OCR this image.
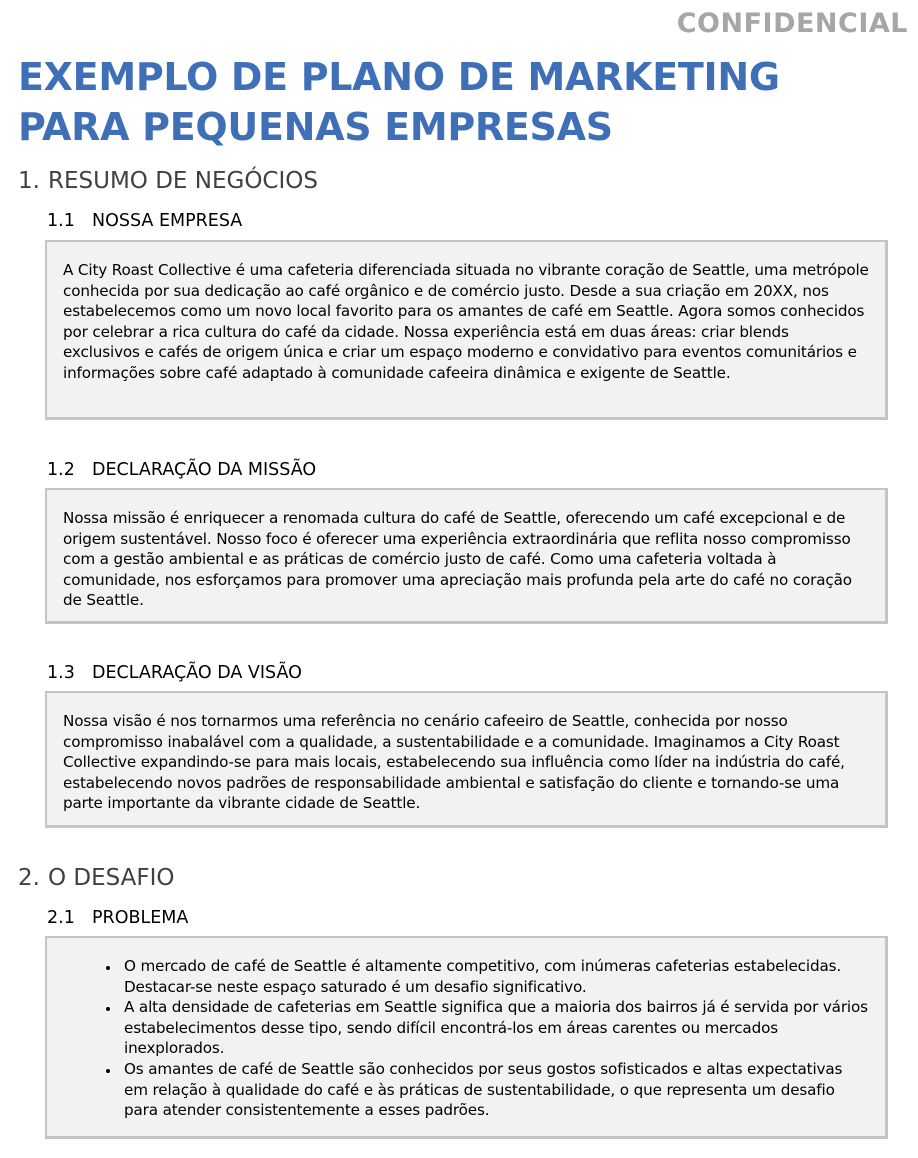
CONFIDENCIAL
EXEMPLO DE PLANO DE MARKETING PARA PEQUENAS EMPRESAS
1. RESUMO DE NEGÓCIOS
1.1 NOSSA EMPRESA

A City Roast Collective é uma cafeteria diferenciada situada no vibrante coração de Seattle, uma metrópole conhecida por sua dedicação ao café orgânico e de comércio justo. Desde a sua criação em 20XX, nos estabelecemos como um novo local favorito para os amantes de café em Seattle. Agora somos conhecidos por celebrar a rica cultura do café da cidade. Nossa experiência está em duas áreas: criar blends exclusivos e cafés de origem única e criar um espaço moderno e convidativo para eventos comunitários e informações sobre café adaptado à comunidade cafeeira dinâmica e exigente de Seattle.

1.2 DECLARAÇÃO DA MISSÃO

Nossa missão é enriquecer a renomada cultura do café de Seattle, oferecendo um café excepcional e de origem sustentável. Nosso foco é oferecer uma experiência extraordinária que reflita nosso compromisso com a gestão ambiental e as práticas de comércio justo de café. Como uma cafeteria voltada à comunidade, nos esforçamos para promover uma apreciação mais profunda pela arte do café no coração de Seattle.

1.3 DECLARAÇÃO DA VISÃO

Nossa visão é nos tornarmos uma referência no cenário cafeeiro de Seattle, conhecida por nosso compromisso inabalável com a qualidade, a sustentabilidade e a comunidade. Imaginamos a City Roast Collective expandindo-se para mais locais, estabelecendo sua influência como líder na indústria do café, estabelecendo novos padrões de responsabilidade ambiental e satisfação do cliente e tornando-se uma parte importante da vibrante cidade de Seattle.

2. O DESAFIO
2.1 PROBLEMA
• O mercado de café de Seattle é altamente competitivo, com inúmeras cafeterias estabelecidas. Destacar-se neste espaço saturado é um desafio significativo.
• A alta densidade de cafeterias em Seattle significa que a maioria dos bairros já é servida por vários estabelecimentos desse tipo, sendo difícil encontrá-los em áreas carentes ou mercados inexplorados.
• Os amantes de café de Seattle são conhecidos por seus gostos sofisticados e altas expectativas em relação à qualidade do café e às práticas de sustentabilidade, o que representa um desafio para atender consistentemente a esses padrões.
